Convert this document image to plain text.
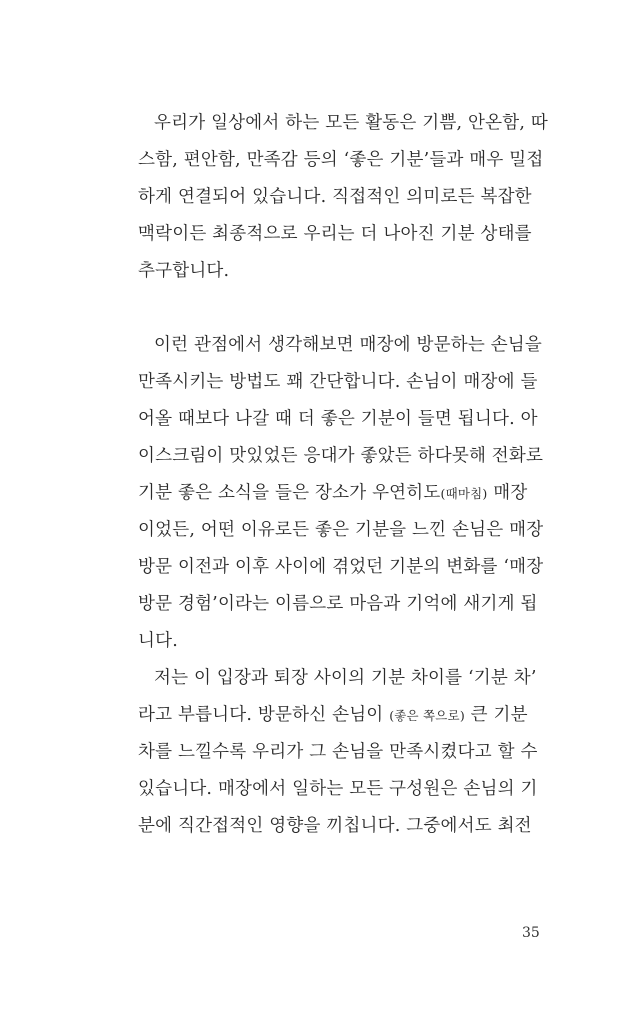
우리가 일상에서 하는 모든 활동은 기쁨, 안온함, 따
스함, 편안함, 만족감 등의 ‘좋은 기분’들과 매우 밀접
하게 연결되어 있습니다. 직접적인 의미로든 복잡한
맥락이든 최종적으로 우리는 더 나아진 기분 상태를
추구합니다.
이런 관점에서 생각해보면 매장에 방문하는 손님을
만족시키는 방법도 꽤 간단합니다. 손님이 매장에 들
어올 때보다 나갈 때 더 좋은 기분이 들면 됩니다. 아
이스크림이 맛있었든 응대가 좋았든 하다못해 전화로
기분 좋은 소식을 들은 장소가 우연히도(때마침) 매장
이었든, 어떤 이유로든 좋은 기분을 느낀 손님은 매장
방문 이전과 이후 사이에 겪었던 기분의 변화를 ‘매장
방문 경험’이라는 이름으로 마음과 기억에 새기게 됩
니다.
저는 이 입장과 퇴장 사이의 기분 차이를 ‘기분 차’
라고 부릅니다. 방문하신 손님이 (좋은 쪽으로) 큰 기분
차를 느낄수록 우리가 그 손님을 만족시켰다고 할 수
있습니다. 매장에서 일하는 모든 구성원은 손님의 기
분에 직간접적인 영향을 끼칩니다. 그중에서도 최전
35
